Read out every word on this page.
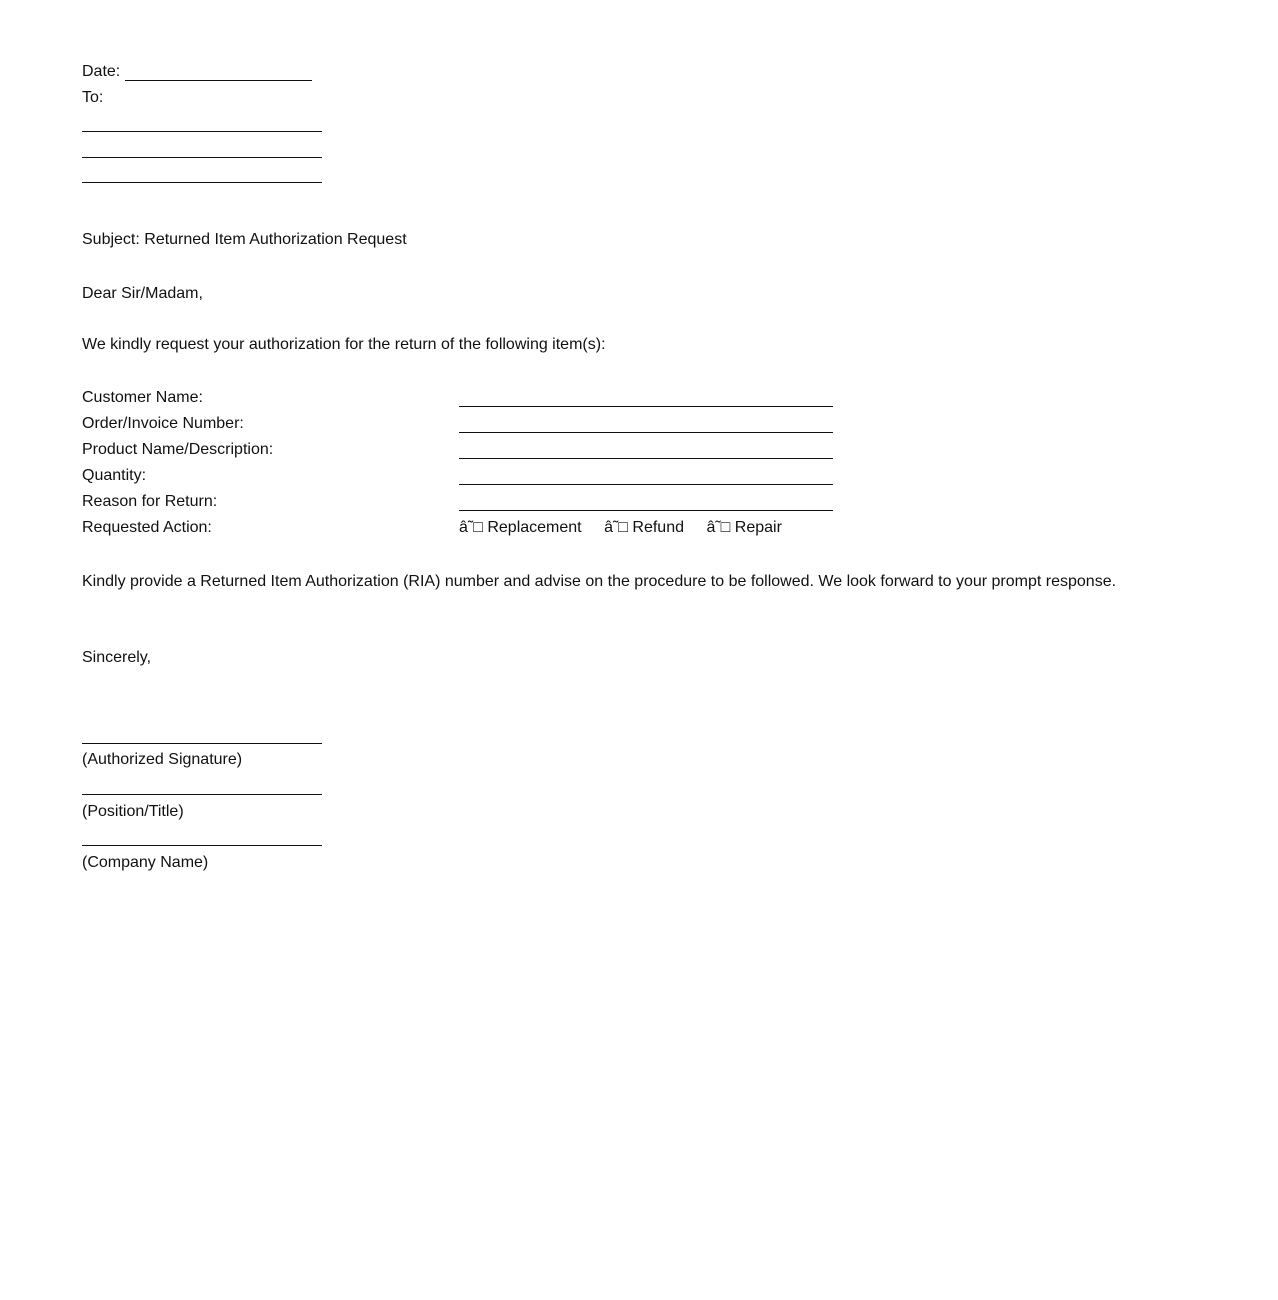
Date:
To:
Subject: Returned Item Authorization Request
Dear Sir/Madam,
We kindly request your authorization for the return of the following item(s):
Customer Name:
Order/Invoice Number:
Product Name/Description:
Quantity:
Reason for Return:
Requested Action:	â˜□ Replacement â˜□ Refund â˜□ Repair
Kindly provide a Returned Item Authorization (RIA) number and advise on the procedure to be followed. We look forward to your prompt response.
Sincerely,
(Authorized Signature)
(Position/Title)
(Company Name)
